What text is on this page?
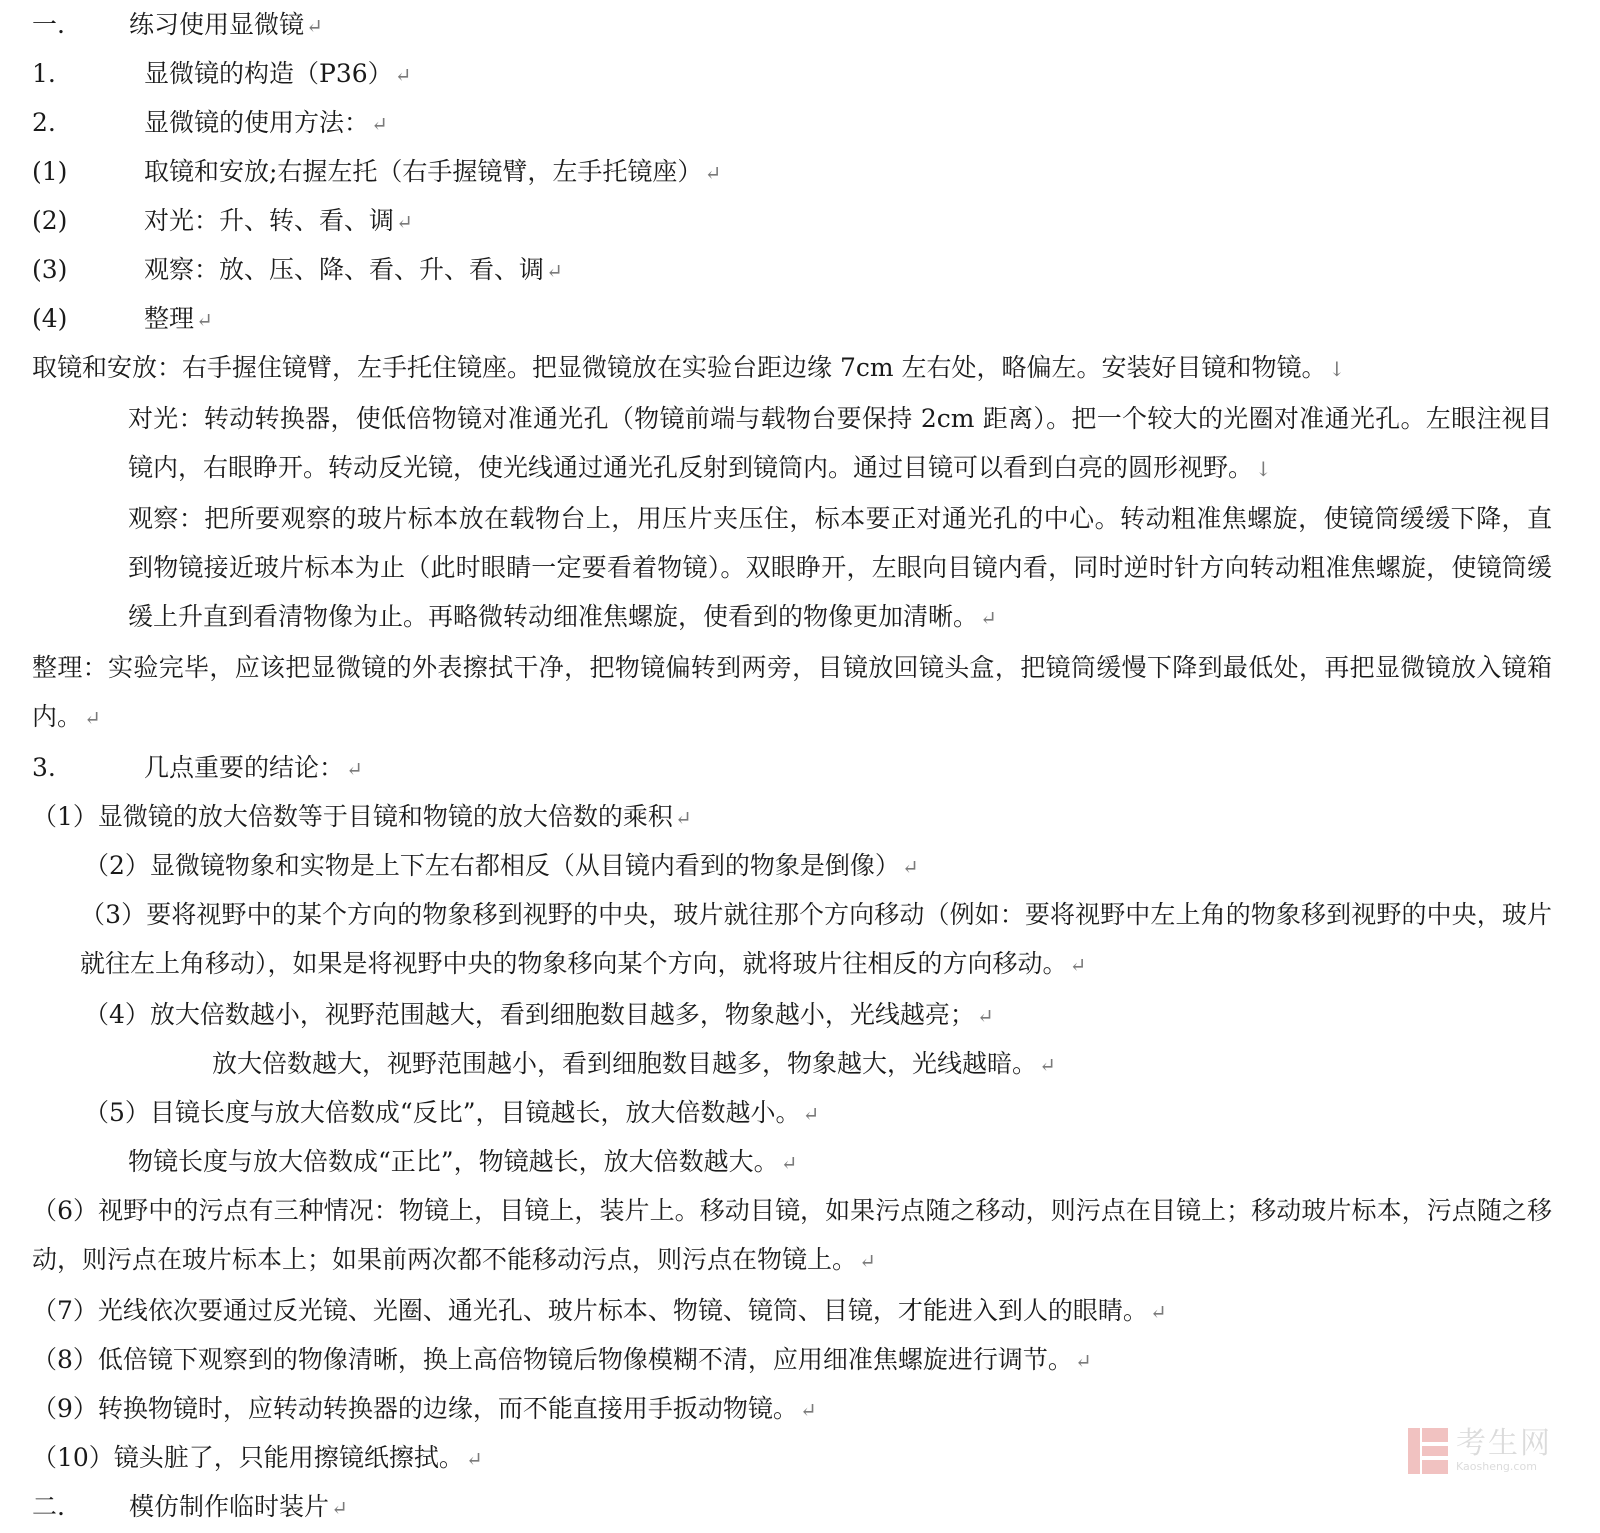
一.	练习使用显微镜 ↵
1.	显微镜的构造（P36） ↵
2.	显微镜的使用方法： ↵
(1)	取镜和安放;右握左托（右手握镜臂，左手托镜座） ↵
(2)	对光：升、转、看、调 ↵
(3)	观察：放、压、降、看、升、看、调 ↵
(4)	整理 ↵
取镜和安放：右手握住镜臂，左手托住镜座。把显微镜放在实验台距边缘 7cm 左右处，略偏左。安装好目镜和物镜。 ↓
对光：转动转换器，使低倍物镜对准通光孔（物镜前端与载物台要保持 2cm 距离）。把一个较大的光圈对准通光孔。左眼注视目镜内，右眼睁开。转动反光镜，使光线通过通光孔反射到镜筒内。通过目镜可以看到白亮的圆形视野。 ↓
观察：把所要观察的玻片标本放在载物台上，用压片夹压住，标本要正对通光孔的中心。转动粗准焦螺旋，使镜筒缓缓下降，直到物镜接近玻片标本为止（此时眼睛一定要看着物镜）。双眼睁开，左眼向目镜内看，同时逆时针方向转动粗准焦螺旋，使镜筒缓缓上升直到看清物像为止。再略微转动细准焦螺旋，使看到的物像更加清晰。 ↵
整理：实验完毕，应该把显微镜的外表擦拭干净，把物镜偏转到两旁，目镜放回镜头盒，把镜筒缓慢下降到最低处，再把显微镜放入镜箱内。 ↵
3.	几点重要的结论： ↵
（1）显微镜的放大倍数等于目镜和物镜的放大倍数的乘积 ↵
（2）显微镜物象和实物是上下左右都相反（从目镜内看到的物象是倒像） ↵
（3）要将视野中的某个方向的物象移到视野的中央，玻片就往那个方向移动（例如：要将视野中左上角的物象移到视野的中央，玻片就往左上角移动），如果是将视野中央的物象移向某个方向，就将玻片往相反的方向移动。 ↵
（4）放大倍数越小，视野范围越大，看到细胞数目越多，物象越小，光线越亮； ↵
放大倍数越大，视野范围越小，看到细胞数目越多，物象越大，光线越暗。 ↵
（5）目镜长度与放大倍数成“反比”，目镜越长，放大倍数越小。 ↵
物镜长度与放大倍数成“正比”，物镜越长，放大倍数越大。 ↵
（6）视野中的污点有三种情况：物镜上，目镜上，装片上。移动目镜，如果污点随之移动，则污点在目镜上；移动玻片标本，污点随之移动，则污点在玻片标本上；如果前两次都不能移动污点，则污点在物镜上。 ↵
（7）光线依次要通过反光镜、光圈、通光孔、玻片标本、物镜、镜筒、目镜，才能进入到人的眼睛。 ↵
（8）低倍镜下观察到的物像清晰，换上高倍物镜后物像模糊不清，应用细准焦螺旋进行调节。 ↵
（9）转换物镜时，应转动转换器的边缘，而不能直接用手扳动物镜。 ↵
（10）镜头脏了，只能用擦镜纸擦拭。 ↵
二.	模仿制作临时装片 ↵
考生网
Kaosheng.com
